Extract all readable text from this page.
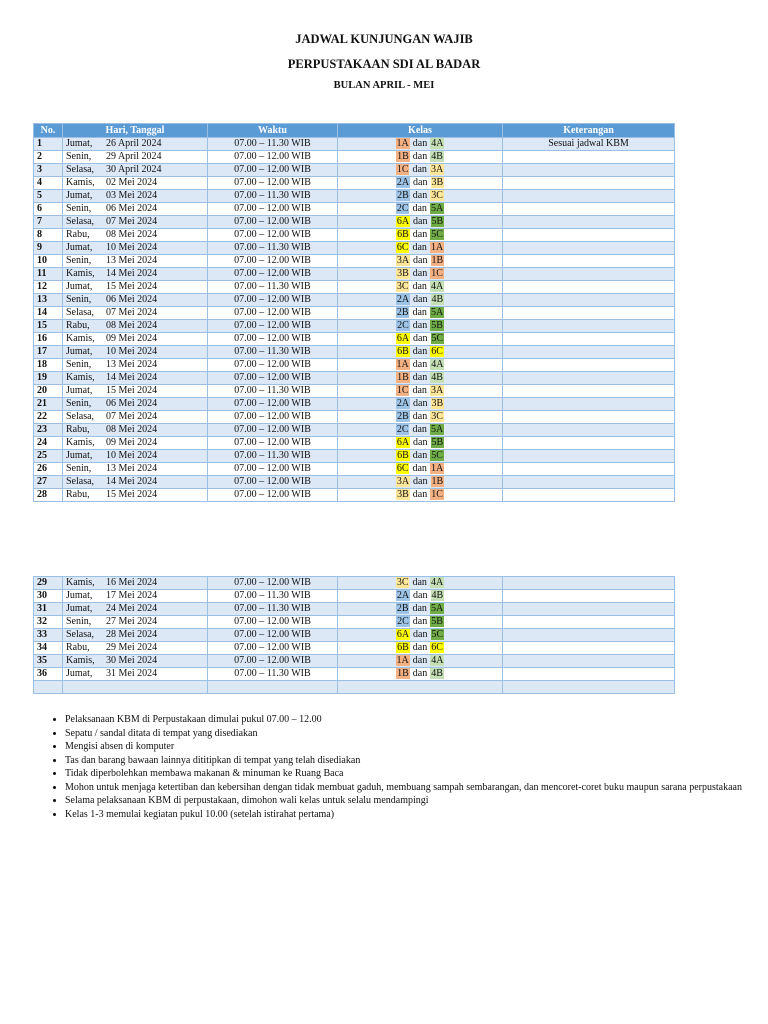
JADWAL KUNJUNGAN WAJIB
PERPUSTAKAAN SDI AL BADAR
BULAN APRIL - MEI
No.	Hari, Tanggal	Waktu	Kelas	Keterangan
1	Jumat, 26 April 2024	07.00 – 11.30 WIB	1A dan 4A	Sesuai jadwal KBM
2	Senin, 29 April 2024	07.00 – 12.00 WIB	1B dan 4B	
3	Selasa, 30 April 2024	07.00 – 12.00 WIB	1C dan 3A	
4	Kamis, 02 Mei 2024	07.00 – 12.00 WIB	2A dan 3B	
5	Jumat, 03 Mei 2024	07.00 – 11.30 WIB	2B dan 3C	
6	Senin, 06 Mei 2024	07.00 – 12.00 WIB	2C dan 5A	
7	Selasa, 07 Mei 2024	07.00 – 12.00 WIB	6A dan 5B	
8	Rabu, 08 Mei 2024	07.00 – 12.00 WIB	6B dan 5C	
9	Jumat, 10 Mei 2024	07.00 – 11.30 WIB	6C dan 1A	
10	Senin, 13 Mei 2024	07.00 – 12.00 WIB	3A dan 1B	
11	Kamis, 14 Mei 2024	07.00 – 12.00 WIB	3B dan 1C	
12	Jumat, 15 Mei 2024	07.00 – 11.30 WIB	3C dan 4A	
13	Senin, 06 Mei 2024	07.00 – 12.00 WIB	2A dan 4B	
14	Selasa, 07 Mei 2024	07.00 – 12.00 WIB	2B dan 5A	
15	Rabu, 08 Mei 2024	07.00 – 12.00 WIB	2C dan 5B	
16	Kamis, 09 Mei 2024	07.00 – 12.00 WIB	6A dan 5C	
17	Jumat, 10 Mei 2024	07.00 – 11.30 WIB	6B dan 6C	
18	Senin, 13 Mei 2024	07.00 – 12.00 WIB	1A dan 4A	
19	Kamis, 14 Mei 2024	07.00 – 12.00 WIB	1B dan 4B	
20	Jumat, 15 Mei 2024	07.00 – 11.30 WIB	1C dan 3A	
21	Senin, 06 Mei 2024	07.00 – 12.00 WIB	2A dan 3B	
22	Selasa, 07 Mei 2024	07.00 – 12.00 WIB	2B dan 3C	
23	Rabu, 08 Mei 2024	07.00 – 12.00 WIB	2C dan 5A	
24	Kamis, 09 Mei 2024	07.00 – 12.00 WIB	6A dan 5B	
25	Jumat, 10 Mei 2024	07.00 – 11.30 WIB	6B dan 5C	
26	Senin, 13 Mei 2024	07.00 – 12.00 WIB	6C dan 1A	
27	Selasa, 14 Mei 2024	07.00 – 12.00 WIB	3A dan 1B	
28	Rabu, 15 Mei 2024	07.00 – 12.00 WIB	3B dan 1C	
29	Kamis, 16 Mei 2024	07.00 – 12.00 WIB	3C dan 4A	
30	Jumat, 17 Mei 2024	07.00 – 11.30 WIB	2A dan 4B	
31	Jumat, 24 Mei 2024	07.00 – 11.30 WIB	2B dan 5A	
32	Senin, 27 Mei 2024	07.00 – 12.00 WIB	2C dan 5B	
33	Selasa, 28 Mei 2024	07.00 – 12.00 WIB	6A dan 5C	
34	Rabu, 29 Mei 2024	07.00 – 12.00 WIB	6B dan 6C	
35	Kamis, 30 Mei 2024	07.00 – 12.00 WIB	1A dan 4A	
36	Jumat, 31 Mei 2024	07.00 – 11.30 WIB	1B dan 4B	

• Pelaksanaan KBM di Perpustakaan dimulai pukul 07.00 – 12.00
• Sepatu / sandal ditata di tempat yang disediakan
• Mengisi absen di komputer
• Tas dan barang bawaan lainnya dititipkan di tempat yang telah disediakan
• Tidak diperbolehkan membawa makanan & minuman ke Ruang Baca
• Mohon untuk menjaga ketertiban dan kebersihan dengan tidak membuat gaduh, membuang sampah sembarangan, dan mencoret-coret buku maupun sarana perpustakaan
• Selama pelaksanaan KBM di perpustakaan, dimohon wali kelas untuk selalu mendampingi
• Kelas 1-3 memulai kegiatan pukul 10.00 (setelah istirahat pertama)
